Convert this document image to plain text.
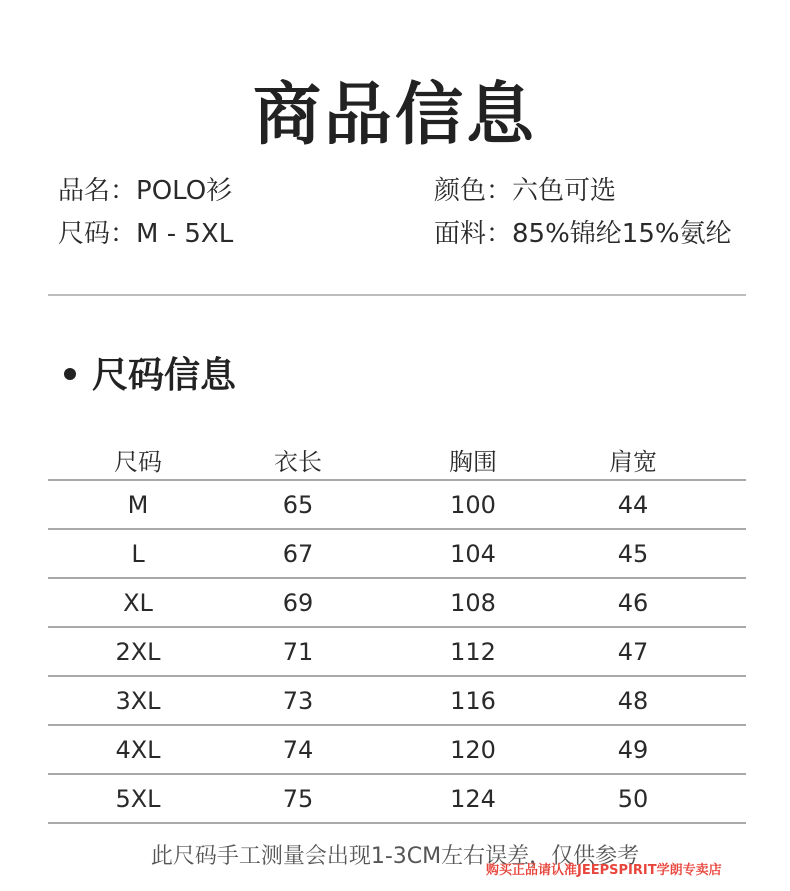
商品信息
品名：POLO衫	颜色：六色可选
尺码：M - 5XL	面料：85%锦纶15%氨纶
尺码信息
尺码	衣长	胸围	肩宽
M	65	100	44
L	67	104	45
XL	69	108	46
2XL	71	112	47
3XL	73	116	48
4XL	74	120	49
5XL	75	124	50
此尺码手工测量会出现1-3CM左右误差，仅供参考
购买正品请认准JEEPSPIRIT学朗专卖店
